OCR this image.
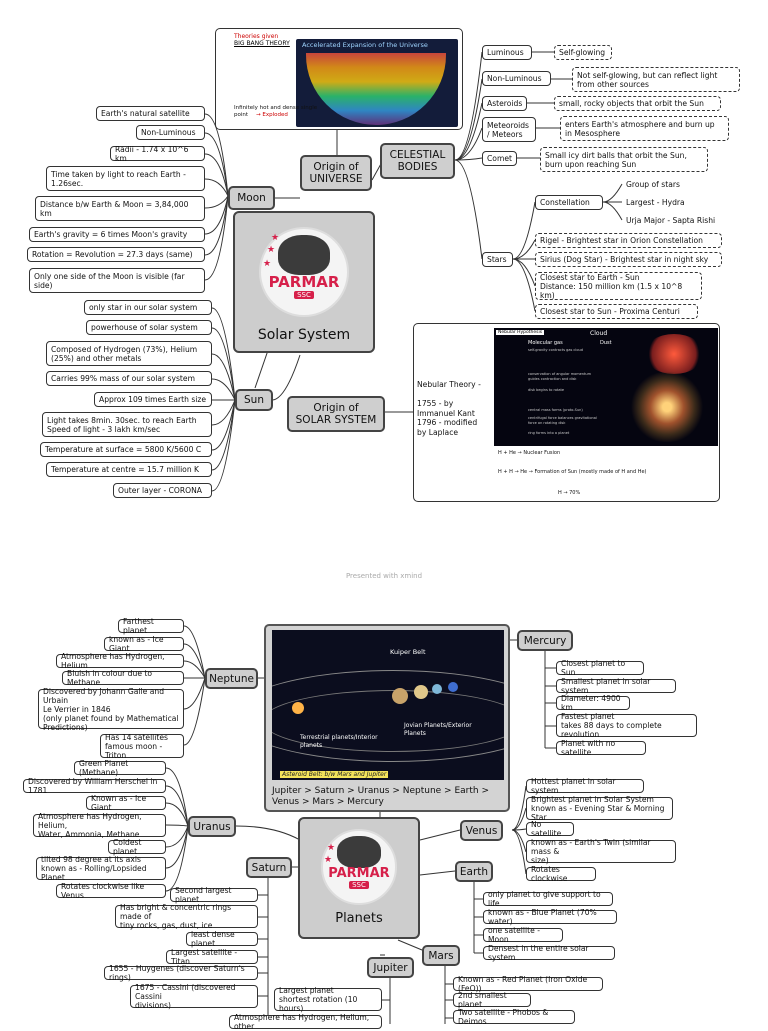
★
★
★
PARMAR
SSC
Solar System
Origin of
UNIVERSE
Moon
CELESTIAL
BODIES
Sun
Origin of
SOLAR SYSTEM
Earth's natural satellite
Non-Luminous
Radii - 1.74 x 10^6 km
Time taken by light to reach Earth -
1.26sec.
Distance b/w Earth & Moon = 3,84,000
km
Earth's gravity = 6 times Moon's gravity
Rotation = Revolution = 27.3 days (same)
Only one side of the Moon is visible (far
side)
only star in our solar system
powerhouse of solar system
Composed of Hydrogen (73%), Helium
(25%) and other metals
Carries 99% mass of our solar system
Approx 109 times Earth size
Light takes 8min. 30sec. to reach Earth
Speed of light - 3 lakh km/sec
Temperature at surface = 5800 K/5600 C
Temperature at centre = 15.7 million K
Outer layer - CORONA
Theories given
BIG BANG THEORY Accelerated Expansion of the Universe
Infinitely hot and dense single
point	→ Exploded
Luminous	Self-glowing
Non-Luminous	Not self-glowing, but can reflect light
from other sources
Asteroids	small, rocky objects that orbit the Sun
Meteoroids
/ Meteors
enters Earth's atmosphere and burn up
in Mesosphere
Comet	Small icy dirt balls that orbit the Sun,
burn upon reaching Sun
Stars
Constellation
Group of stars
Largest - Hydra
Urja Major - Sapta Rishi
Rigel - Brightest star in Orion Constellation
Sirius (Dog Star) - Brightest star in night sky
Closest star to Earth - Sun
Distance: 150 million km (1.5 x 10^8 km)
Closest star to Sun - Proxima Centuri
Nebular Theory -

1755 - by
Immanuel Kant
1796 - modified
by Laplace
Nebular Hypothesis	Cloud
Molecular gas	Dust
self-gravity contracts gas cloud
conservation of angular momentum
guides contraction and disk
disk begins to rotate
central mass forms (proto-Sun)
centrifugal force balances gravitational
force on rotating disk
ring forms into a planet
H + He → Nuclear Fusion
H + H → He → Formation of Sun (mostly made of H and He)
H → 70%
Presented with xmind
★
★
PARMAR
SSC
Planets
Kuiper Belt
Terrestrial planets/Interior
planets
Jovian Planets/Exterior
Planets
Asteroid Belt: b/w Mars and Jupiter
Jupiter > Saturn > Uranus > Neptune > Earth >
Venus > Mars > Mercury
Neptune
Uranus
Saturn
Jupiter
Mars
Earth
Venus
Mercury
Farthest planet
known as - Ice Giant
Atmosphere has Hydrogen, Helium
Bluish in colour due to Methane
Discovered by Johann Galle and Urbain
Le Verrier in 1846
(only planet found by Mathematical
Predictions)
Has 14 satellites
famous moon - Triton
Green Planet (Methane)
Discovered by William Herschel in 1781
Known as - Ice Giant
Atmosphere has Hydrogen, Helium,
Water, Ammonia, Methane
Coldest planet
tilted 98 degree at its axis
known as - Rolling/Lopsided Planet
Rotates clockwise like Venus
Second largest planet
Has bright & concentric rings made of
tiny rocks, gas, dust, ice
least dense planet
Largest satellite - Titan
1655 - Huygenes (discover Saturn's rings)
1675 - Cassini (discovered Cassini
divisions)
Largest planet
shortest rotation (10 hours)
Atmosphere has Hydrogen, Helium, other
Closest planet to Sun
Smallest planet in solar system
Diameter: 4900 km
Fastest planet
takes 88 days to complete revolution
Planet with no satellite
Hottest planet in solar system
Brightest planet in Solar System
known as - Evening Star & Morning Star
No satellite
known as - Earth's Twin (similar mass &
size)
Rotates clockwise
only planet to give support to life
known as - Blue Planet (70% water)
one satellite - Moon
Densest in the entire solar system
Known as - Red Planet (Iron Oxide (FeO))
2nd smallest planet
Two satellite - Phobos & Deimos
